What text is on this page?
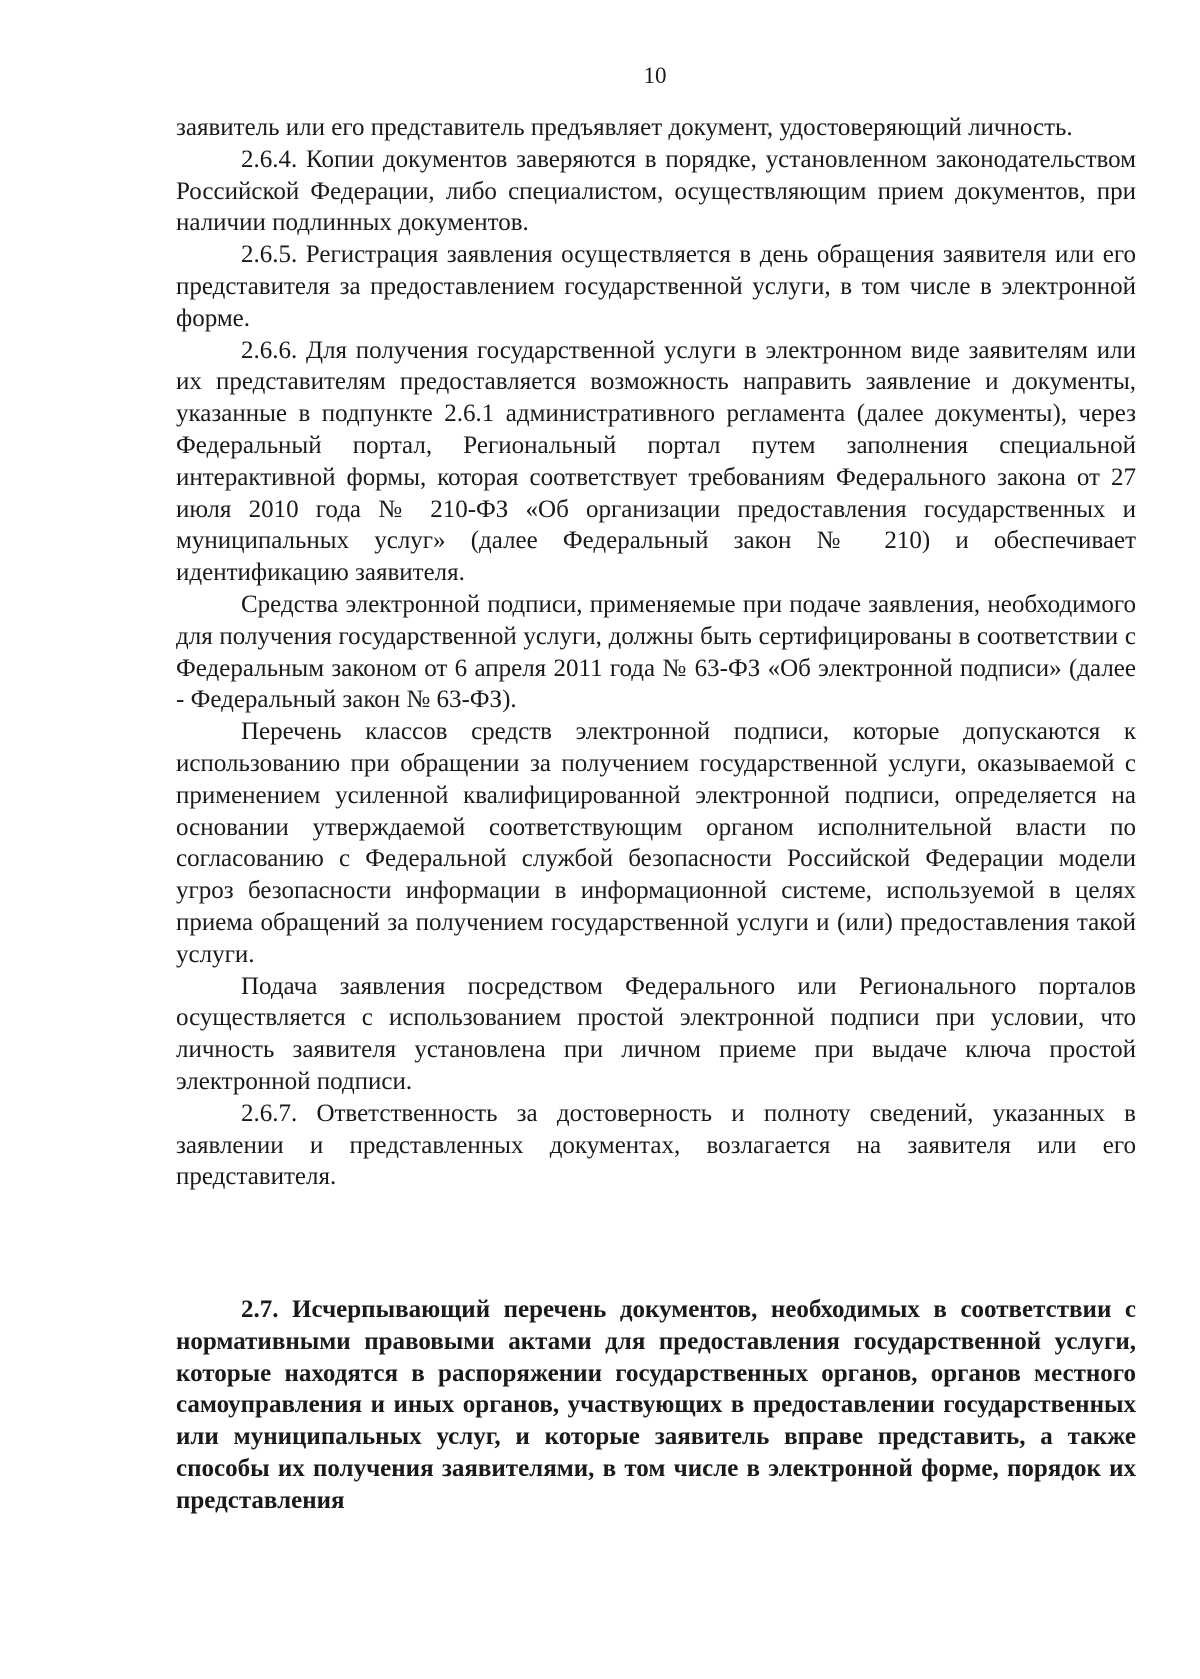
10

заявитель или его представитель предъявляет документ, удостоверяющий личность.

2.6.4. Копии документов заверяются в порядке, установленном законодательством Российской Федерации, либо специалистом, осуществляющим прием документов, при наличии подлинных документов.

2.6.5. Регистрация заявления осуществляется в день обращения заявителя или его представителя за предоставлением государственной услуги, в том числе в электронной форме.

2.6.6. Для получения государственной услуги в электронном виде заявителям или их представителям предоставляется возможность направить заявление и документы, указанные в подпункте 2.6.1 административного регламента (далее документы), через Федеральный портал, Региональный портал путем заполнения специальной интерактивной формы, которая соответствует требованиям Федерального закона от 27 июля 2010 года № 210-ФЗ «Об организации предоставления государственных и муниципальных услуг» (далее Федеральный закон № 210) и обеспечивает идентификацию заявителя.

Средства электронной подписи, применяемые при подаче заявления, необходимого для получения государственной услуги, должны быть сертифицированы в соответствии с Федеральным законом от 6 апреля 2011 года № 63-ФЗ «Об электронной подписи» (далее - Федеральный закон № 63-ФЗ).

Перечень классов средств электронной подписи, которые допускаются к использованию при обращении за получением государственной услуги, оказываемой с применением усиленной квалифицированной электронной подписи, определяется на основании утверждаемой соответствующим органом исполнительной власти по согласованию с Федеральной службой безопасности Российской Федерации модели угроз безопасности информации в информационной системе, используемой в целях приема обращений за получением государственной услуги и (или) предоставления такой услуги.

Подача заявления посредством Федерального или Регионального порталов осуществляется с использованием простой электронной подписи при условии, что личность заявителя установлена при личном приеме при выдаче ключа простой электронной подписи.

2.6.7. Ответственность за достоверность и полноту сведений, указанных в заявлении и представленных документах, возлагается на заявителя или его представителя.

2.7. Исчерпывающий перечень документов, необходимых в соответствии с нормативными правовыми актами для предоставления государственной услуги, которые находятся в распоряжении государственных органов, органов местного самоуправления и иных органов, участвующих в предоставлении государственных или муниципальных услуг, и которые заявитель вправе представить, а также способы их получения заявителями, в том числе в электронной форме, порядок их представления
